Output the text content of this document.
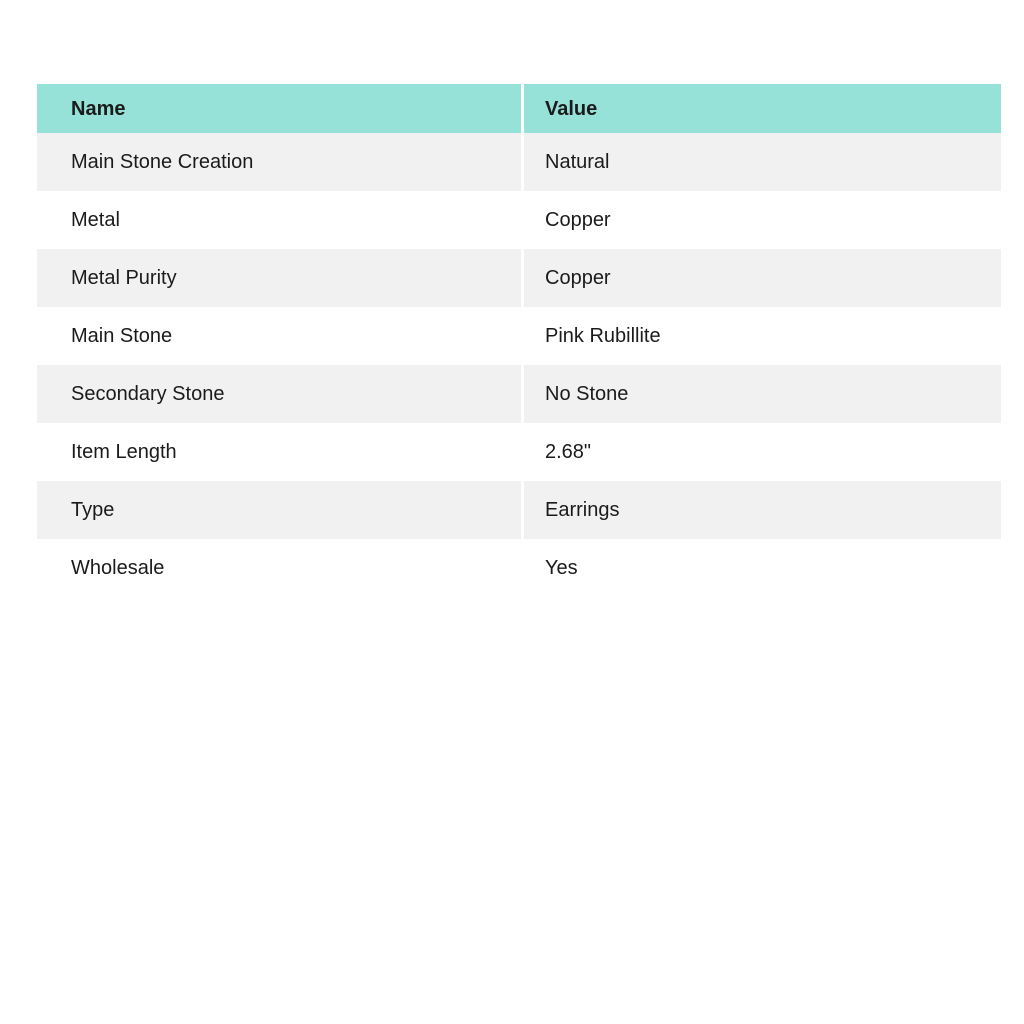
Name	Value
Main Stone Creation	Natural
Metal	Copper
Metal Purity	Copper
Main Stone	Pink Rubillite
Secondary Stone	No Stone
Item Length	2.68"
Type	Earrings
Wholesale	Yes
